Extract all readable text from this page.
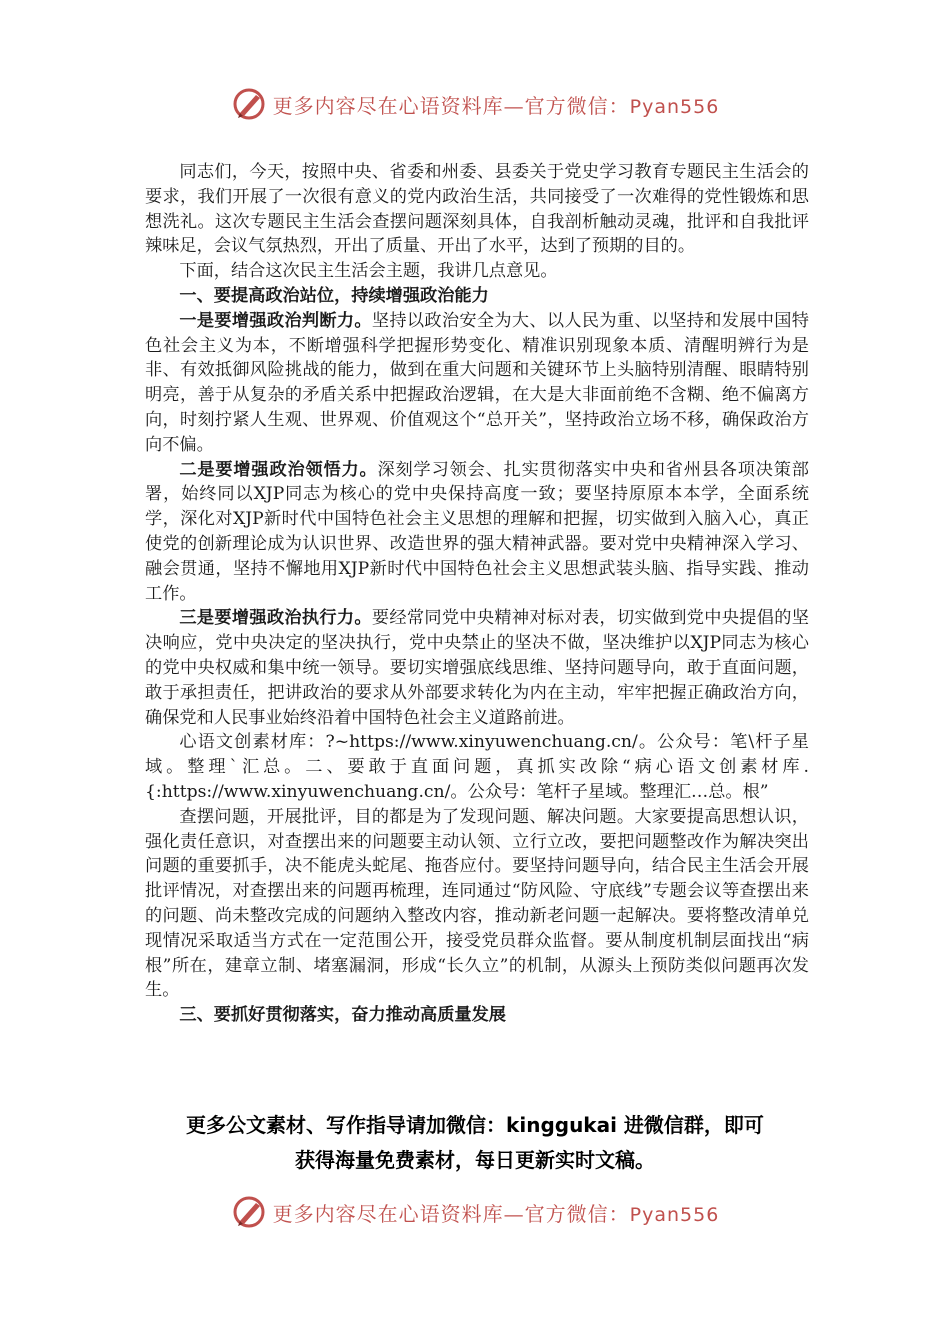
更多内容尽在心语资料库—官方微信：Pyan556

同志们，今天，按照中央、省委和州委、县委关于党史学习教育专题民主生活会的要求，我们开展了一次很有意义的党内政治生活，共同接受了一次难得的党性锻炼和思想洗礼。这次专题民主生活会查摆问题深刻具体，自我剖析触动灵魂，批评和自我批评辣味足，会议气氛热烈，开出了质量、开出了水平，达到了预期的目的。

下面，结合这次民主生活会主题，我讲几点意见。

一、要提高政治站位，持续增强政治能力

一是要增强政治判断力。坚持以政治安全为大、以人民为重、以坚持和发展中国特色社会主义为本，不断增强科学把握形势变化、精准识别现象本质、清醒明辨行为是非、有效抵御风险挑战的能力，做到在重大问题和关键环节上头脑特别清醒、眼睛特别明亮，善于从复杂的矛盾关系中把握政治逻辑，在大是大非面前绝不含糊、绝不偏离方向，时刻拧紧人生观、世界观、价值观这个“总开关”，坚持政治立场不移，确保政治方向不偏。

二是要增强政治领悟力。深刻学习领会、扎实贯彻落实中央和省州县各项决策部署，始终同以XJP同志为核心的党中央保持高度一致；要坚持原原本本学，全面系统学，深化对XJP新时代中国特色社会主义思想的理解和把握，切实做到入脑入心，真正使党的创新理论成为认识世界、改造世界的强大精神武器。要对党中央精神深入学习、融会贯通，坚持不懈地用XJP新时代中国特色社会主义思想武装头脑、指导实践、推动工作。

三是要增强政治执行力。要经常同党中央精神对标对表，切实做到党中央提倡的坚决响应，党中央决定的坚决执行，党中央禁止的坚决不做，坚决维护以XJP同志为核心的党中央权威和集中统一领导。要切实增强底线思维、坚持问题导向，敢于直面问题，敢于承担责任，把讲政治的要求从外部要求转化为内在主动，牢牢把握正确政治方向，确保党和人民事业始终沿着中国特色社会主义道路前进。

心语文创素材库：?~https://www.xinyuwenchuang.cn/。公众号：笔\杆子星域。整理`汇总。二、要敢于直面问题，真抓实改除“病心语文创素材库.{:https://www.xinyuwenchuang.cn/。公众号：笔杆子星域。整理汇…总。根”

查摆问题，开展批评，目的都是为了发现问题、解决问题。大家要提高思想认识，强化责任意识，对查摆出来的问题要主动认领、立行立改，要把问题整改作为解决突出问题的重要抓手，决不能虎头蛇尾、拖沓应付。要坚持问题导向，结合民主生活会开展批评情况，对查摆出来的问题再梳理，连同通过“防风险、守底线”专题会议等查摆出来的问题、尚未整改完成的问题纳入整改内容，推动新老问题一起解决。要将整改清单兑现情况采取适当方式在一定范围公开，接受党员群众监督。要从制度机制层面找出“病根”所在，建章立制、堵塞漏洞，形成“长久立”的机制，从源头上预防类似问题再次发生。

三、要抓好贯彻落实，奋力推动高质量发展

更多公文素材、写作指导请加微信：kinggukai 进微信群，即可
获得海量免费素材，每日更新实时文稿。
更多内容尽在心语资料库—官方微信：Pyan556
